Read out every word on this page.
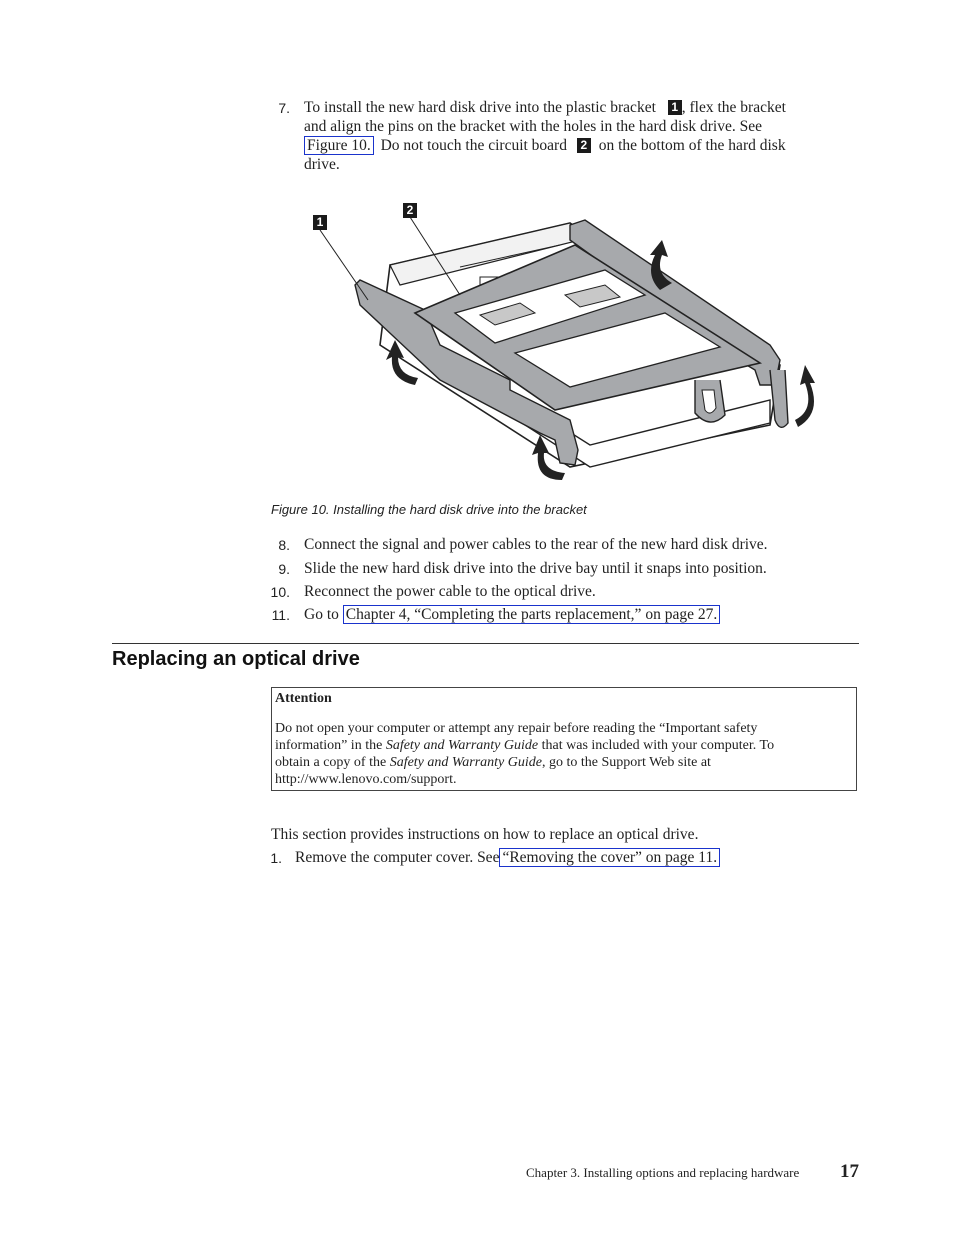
7. To install the new hard disk drive into the plastic bracket 1 , flex the bracket
and align the pins on the bracket with the holes in the hard disk drive. See
Figure 10. Do not touch the circuit board 2 on the bottom of the hard disk
drive.
1
2
Figure 10. Installing the hard disk drive into the bracket
8. Connect the signal and power cables to the rear of the new hard disk drive.
9. Slide the new hard disk drive into the drive bay until it snaps into position.
10. Reconnect the power cable to the optical drive.
11. Go to Chapter 4, “Completing the parts replacement,” on page 27.
Replacing an optical drive
Attention
Do not open your computer or attempt any repair before reading the “Important safety
information” in the Safety and Warranty Guide that was included with your computer. To
obtain a copy of the Safety and Warranty Guide, go to the Support Web site at
http://www.lenovo.com/support.
This section provides instructions on how to replace an optical drive.
1. Remove the computer cover. See “Removing the cover” on page 11.
Chapter 3. Installing options and replacing hardware 17
